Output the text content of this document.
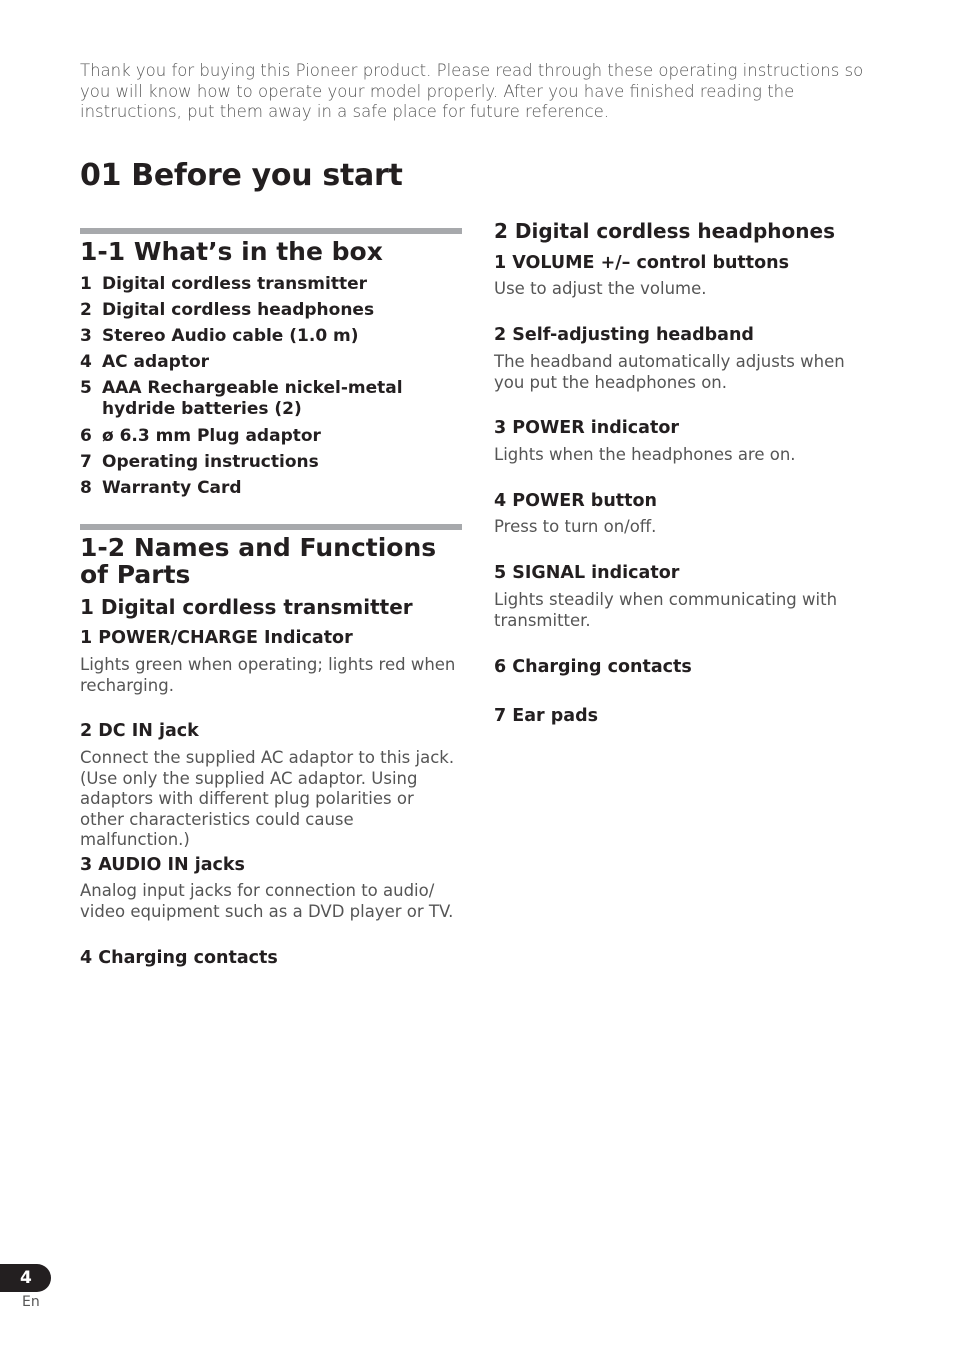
Thank you for buying this Pioneer product. Please read through these operating instructions so you will know how to operate your model properly. After you have finished reading the instructions, put them away in a safe place for future reference.

01 Before you start
1-1 What’s in the box
1 Digital cordless transmitter
2 Digital cordless headphones
3 Stereo Audio cable (1.0 m)
4 AC adaptor
5 AAA Rechargeable nickel-metal hydride batteries (2)
6 ø 6.3 mm Plug adaptor
7 Operating instructions
8 Warranty Card
1-2 Names and Functions of Parts
1 Digital cordless transmitter
1 POWER/CHARGE Indicator

Lights green when operating; lights red when recharging.

2 DC IN jack

Connect the supplied AC adaptor to this jack. (Use only the supplied AC adaptor. Using adaptors with different plug polarities or other characteristics could cause malfunction.)

3 AUDIO IN jacks

Analog input jacks for connection to audio/ video equipment such as a DVD player or TV.

4 Charging contacts
2 Digital cordless headphones
1 VOLUME +/– control buttons

Use to adjust the volume.

2 Self-adjusting headband

The headband automatically adjusts when you put the headphones on.

3 POWER indicator

Lights when the headphones are on.

4 POWER button

Press to turn on/off.

5 SIGNAL indicator

Lights steadily when communicating with transmitter.

6 Charging contacts
7 Ear pads
4
En
